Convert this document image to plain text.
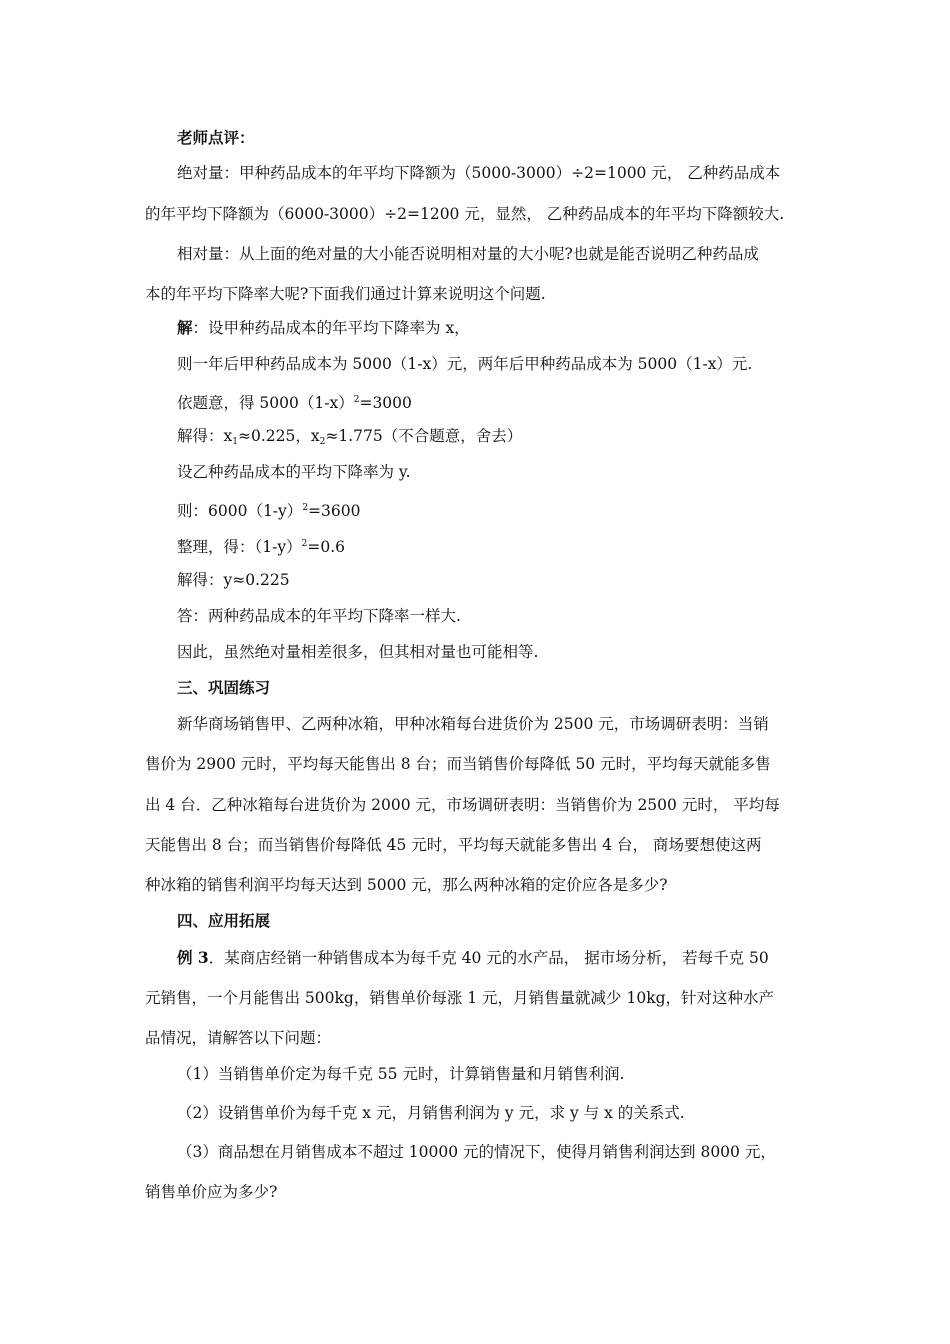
老师点评：
绝对量：甲种药品成本的年平均下降额为（5000-3000）÷2=1000 元， 乙种药品成本
的年平均下降额为（6000-3000）÷2=1200 元，显然， 乙种药品成本的年平均下降额较大.
相对量：从上面的绝对量的大小能否说明相对量的大小呢?也就是能否说明乙种药品成
本的年平均下降率大呢?下面我们通过计算来说明这个问题.
解：设甲种药品成本的年平均下降率为 x，
则一年后甲种药品成本为 5000（1-x）元，两年后甲种药品成本为 5000（1-x）元.
依题意，得 $5000(1-x)^2=3000$
解得：$x_1\approx 0.225$，$x_2\approx 1.775$（不合题意，舍去）
设乙种药品成本的平均下降率为 y.
则：$6000(1-y)^2=3600$
整理，得：$(1-y)^2=0.6$
解得：y≈0.225
答：两种药品成本的年平均下降率一样大.
因此，虽然绝对量相差很多，但其相对量也可能相等.
三、巩固练习
新华商场销售甲、乙两种冰箱，甲种冰箱每台进货价为 2500 元，市场调研表明：当销
售价为 2900 元时，平均每天能售出 8 台；而当销售价每降低 50 元时，平均每天就能多售
出 4 台．乙种冰箱每台进货价为 2000 元，市场调研表明：当销售价为 2500 元时， 平均每
天能售出 8 台；而当销售价每降低 45 元时，平均每天就能多售出 4 台， 商场要想使这两
种冰箱的销售利润平均每天达到 5000 元，那么两种冰箱的定价应各是多少?
四、应用拓展
例 3．某商店经销一种销售成本为每千克 40 元的水产品， 据市场分析， 若每千克 50
元销售，一个月能售出 500kg，销售单价每涨 1 元，月销售量就减少 10kg，针对这种水产
品情况，请解答以下问题：
（1）当销售单价定为每千克 55 元时，计算销售量和月销售利润.
（2）设销售单价为每千克 x 元，月销售利润为 y 元，求 y 与 x 的关系式.
（3）商品想在月销售成本不超过 10000 元的情况下，使得月销售利润达到 8000 元，
销售单价应为多少?
